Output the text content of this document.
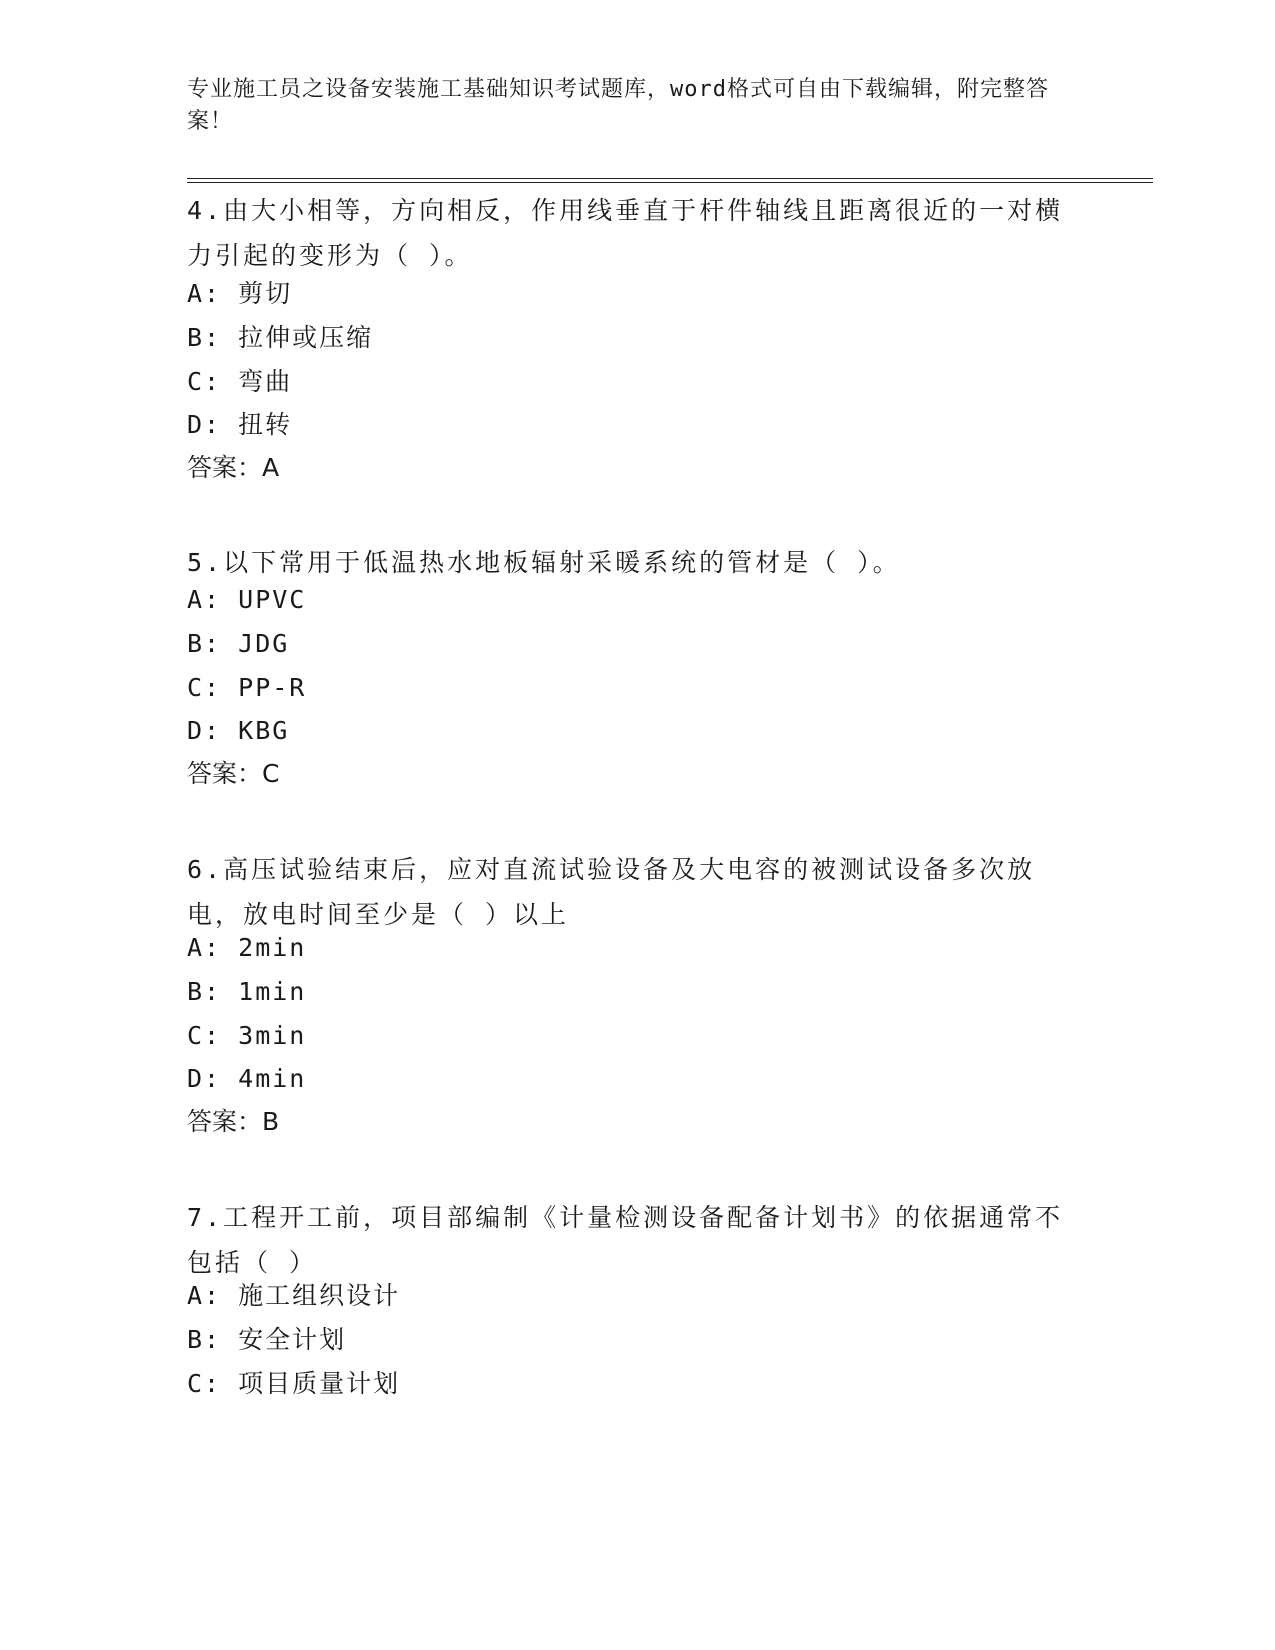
专业施工员之设备安装施工基础知识考试题库，word格式可自由下载编辑，附完整答案！

4.由大小相等，方向相反，作用线垂直于杆件轴线且距离很近的一对横力引起的变形为（ ）。

A: 剪切
B: 拉伸或压缩
C: 弯曲
D: 扭转
答案：A

5.以下常用于低温热水地板辐射采暖系统的管材是（ ）。

A: UPVC
B: JDG
C: PP-R
D: KBG
答案：C

6.高压试验结束后，应对直流试验设备及大电容的被测试设备多次放电，放电时间至少是（ ）以上

A: 2min
B: 1min
C: 3min
D: 4min
答案：B

7.工程开工前，项目部编制《计量检测设备配备计划书》的依据通常不包括（ ）

A: 施工组织设计
B: 安全计划
C: 项目质量计划
